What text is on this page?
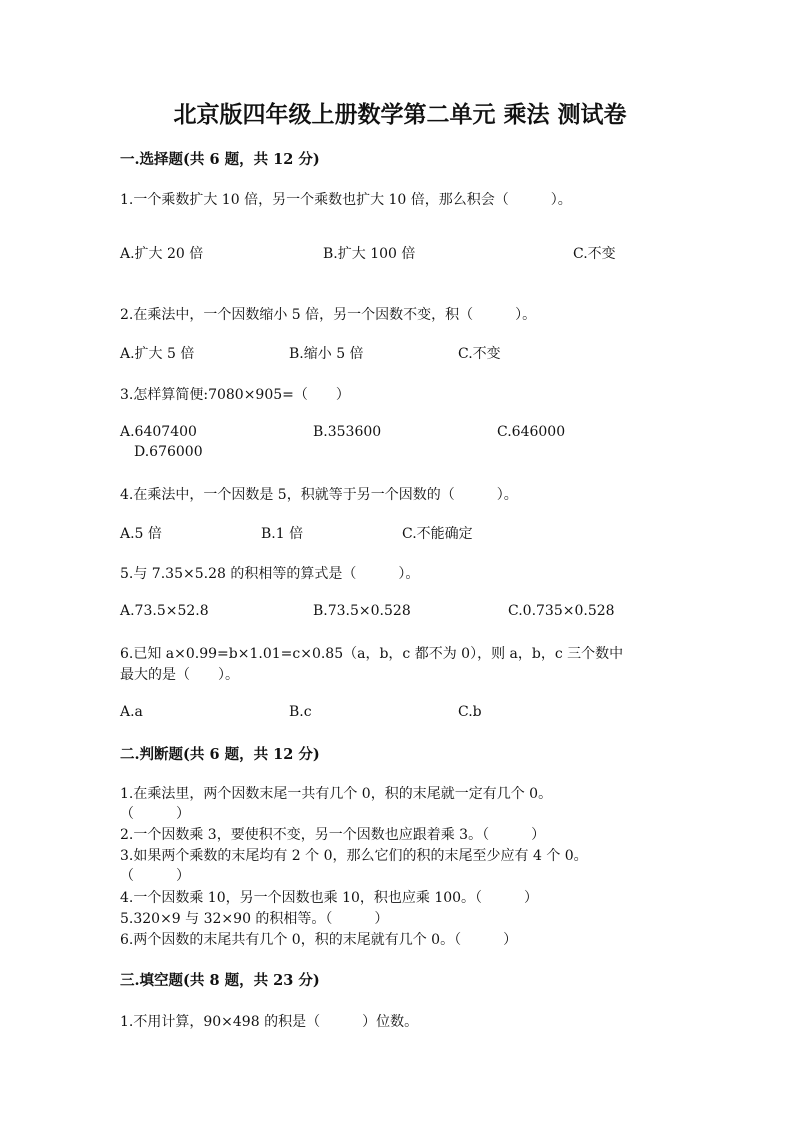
北京版四年级上册数学第二单元 乘法 测试卷
一.选择题(共 6 题，共 12 分)
1.一个乘数扩大 10 倍，另一个乘数也扩大 10 倍，那么积会（　　　）。
A.扩大 20 倍	B.扩大 100 倍	C.不变
2.在乘法中，一个因数缩小 5 倍，另一个因数不变，积（　　　）。
A.扩大 5 倍	B.缩小 5 倍	C.不变
3.怎样算简便:7080×905=（　　）
A.6407400	B.353600	C.646000
D.676000
4.在乘法中，一个因数是 5，积就等于另一个因数的（　　　）。
A.5 倍	B.1 倍	C.不能确定
5.与 7.35×5.28 的积相等的算式是（　　　）。
A.73.5×52.8	B.73.5×0.528	C.0.735×0.528
6.已知 a×0.99=b×1.01=c×0.85（a，b，c 都不为 0），则 a，b，c 三个数中
最大的是（　　）。
A.a	B.c	C.b
二.判断题(共 6 题，共 12 分)
1.在乘法里，两个因数末尾一共有几个 0，积的末尾就一定有几个 0。
（　　　）
2.一个因数乘 3，要使积不变，另一个因数也应跟着乘 3。（　　　）
3.如果两个乘数的末尾均有 2 个 0，那么它们的积的末尾至少应有 4 个 0。
（　　　）
4.一个因数乘 10，另一个因数也乘 10，积也应乘 100。（　　　）
5.320×9 与 32×90 的积相等。（　　　）
6.两个因数的末尾共有几个 0，积的末尾就有几个 0。（　　　）
三.填空题(共 8 题，共 23 分)
1.不用计算，90×498 的积是（　　　）位数。
